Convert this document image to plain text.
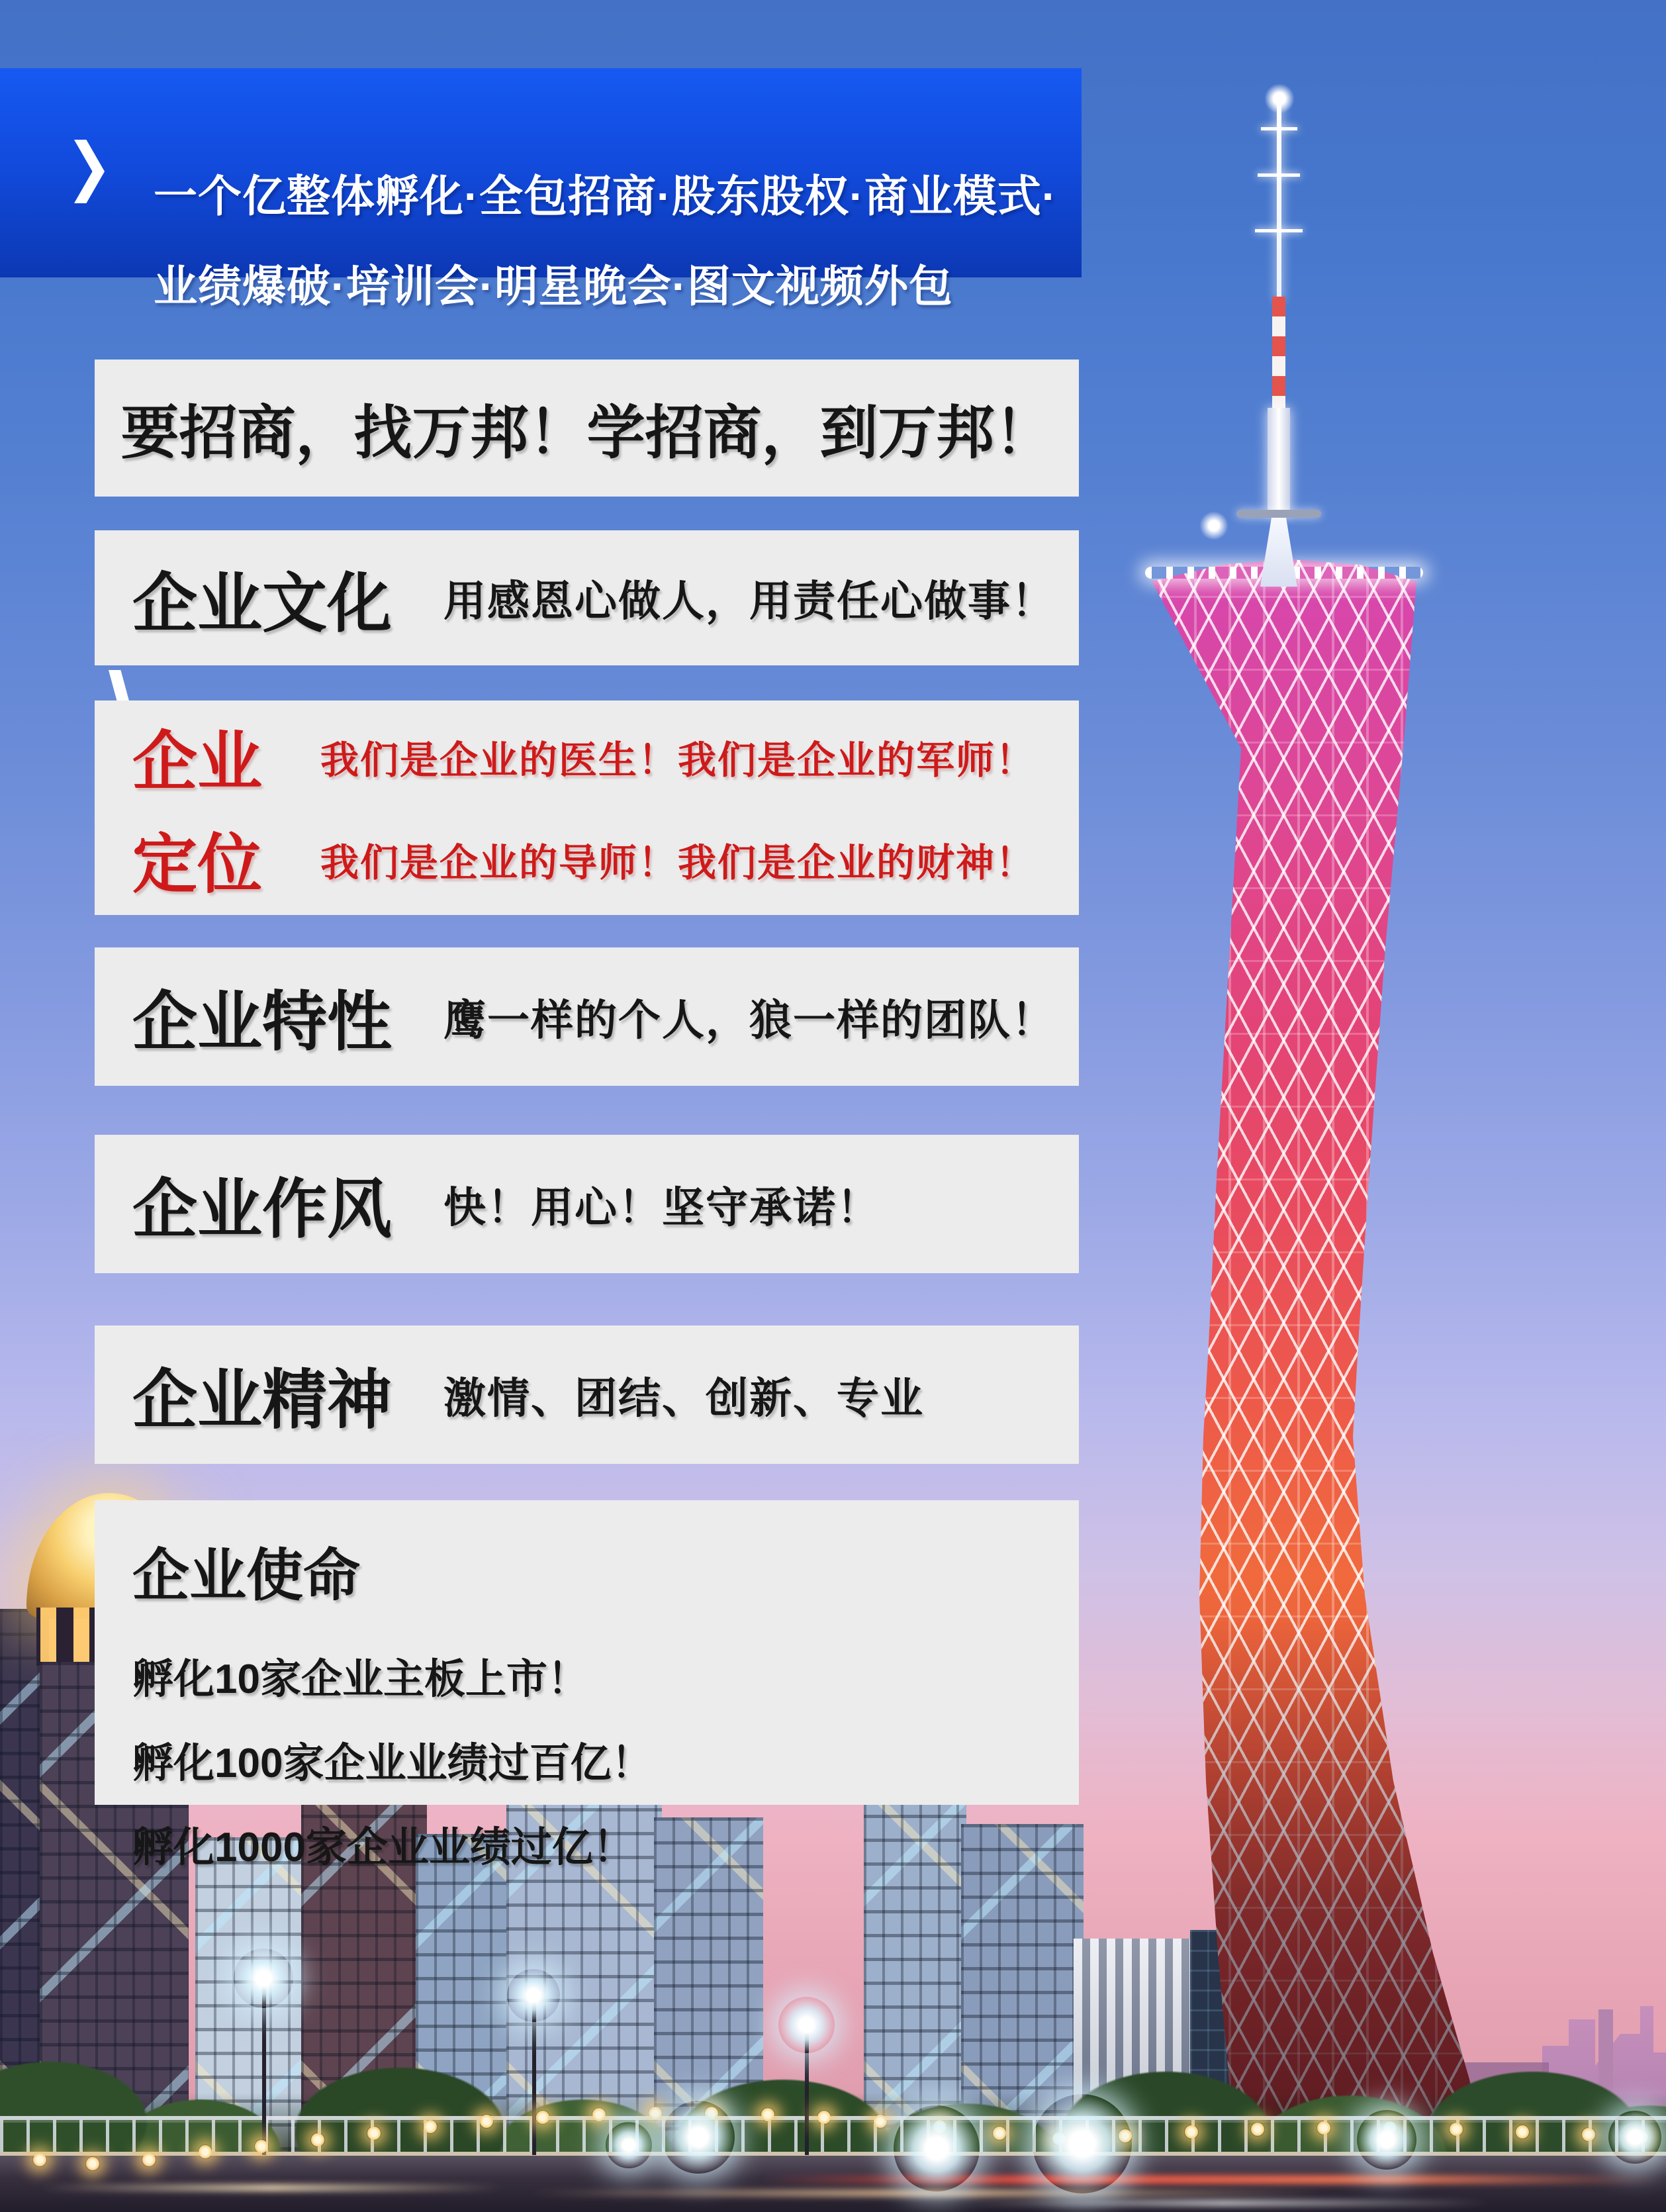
一个亿整体孵化·全包招商·股东股权·商业模式·
业绩爆破·培训会·明星晚会·图文视频外包
要招商，找万邦！学招商，到万邦！
企业文化 用感恩心做人，用责任心做事！
企业 我们是企业的医生！我们是企业的军师！
定位 我们是企业的导师！我们是企业的财神！
企业特性 鹰一样的个人，狼一样的团队！
企业作风 快！用心！坚守承诺！
企业精神 激情、团结、创新、专业
企业使命
孵化10家企业主板上市！
孵化100家企业业绩过百亿！
孵化1000家企业业绩过亿！
